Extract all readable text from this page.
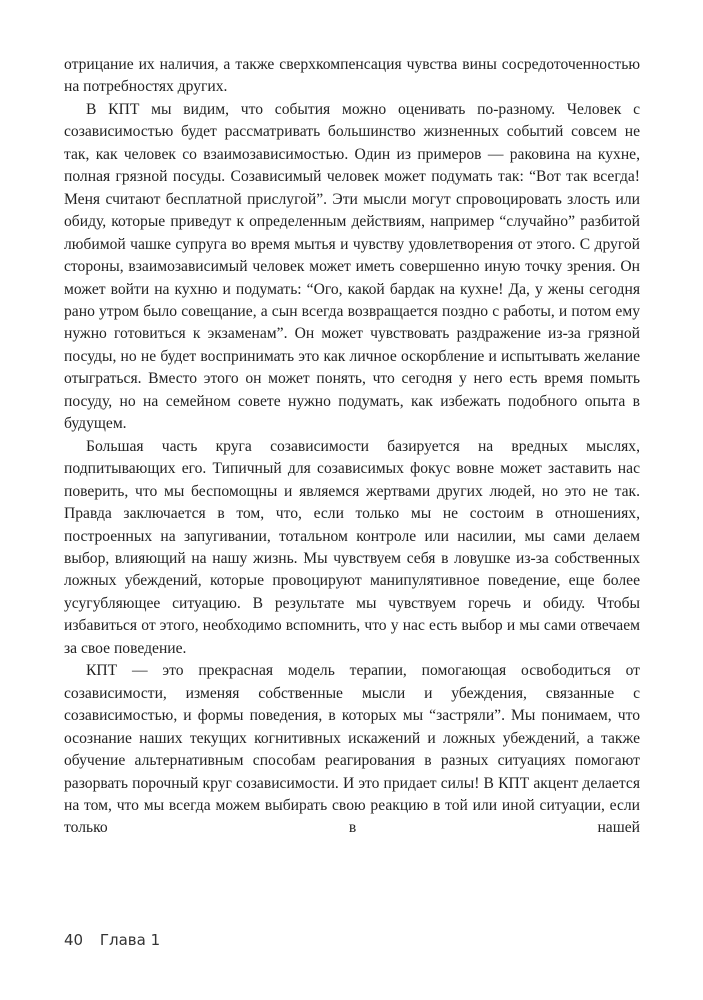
отрицание их наличия, а также сверхкомпенсация чувства вины сосредоточенностью на потребностях других.

В КПТ мы видим, что события можно оценивать по-разному. Человек с созависимостью будет рассматривать большинство жизненных событий совсем не так, как человек со взаимозависимостью. Один из примеров — раковина на кухне, полная грязной посуды. Созависимый человек может подумать так: “Вот так всегда! Меня считают бесплатной прислугой”. Эти мысли могут спровоцировать злость или обиду, которые приведут к определенным действиям, например “случайно” разбитой любимой чашке супруга во время мытья и чувству удовлетворения от этого. С другой стороны, взаимозависимый человек может иметь совершенно иную точку зрения. Он может войти на кухню и подумать: “Ого, какой бардак на кухне! Да, у жены сегодня рано утром было совещание, а сын всегда возвращается поздно с работы, и потом ему нужно готовиться к экзаменам”. Он может чувствовать раздражение из-за грязной посуды, но не будет воспринимать это как личное оскорбление и испытывать желание отыграться. Вместо этого он может понять, что сегодня у него есть время помыть посуду, но на семейном совете нужно подумать, как избежать подобного опыта в будущем.

Большая часть круга созависимости базируется на вредных мыслях, подпитывающих его. Типичный для созависимых фокус вовне может заставить нас поверить, что мы беспомощны и являемся жертвами других людей, но это не так. Правда заключается в том, что, если только мы не состоим в отношениях, построенных на запугивании, тотальном контроле или насилии, мы сами делаем выбор, влияющий на нашу жизнь. Мы чувствуем себя в ловушке из-за собственных ложных убеждений, которые провоцируют манипулятивное поведение, еще более усугубляющее ситуацию. В результате мы чувствуем горечь и обиду. Чтобы избавиться от этого, необходимо вспомнить, что у нас есть выбор и мы сами отвечаем за свое поведение.

КПТ — это прекрасная модель терапии, помогающая освободиться от созависимости, изменяя собственные мысли и убеждения, связанные с созависимостью, и формы поведения, в которых мы “застряли”. Мы понимаем, что осознание наших текущих когнитивных искажений и ложных убеждений, а также обучение альтернативным способам реагирования в разных ситуациях помогают разорвать порочный круг созависимости. И это придает силы! В КПТ акцент делается на том, что мы всегда можем выбирать свою реакцию в той или иной ситуации, если только в нашей

40 Глава 1
